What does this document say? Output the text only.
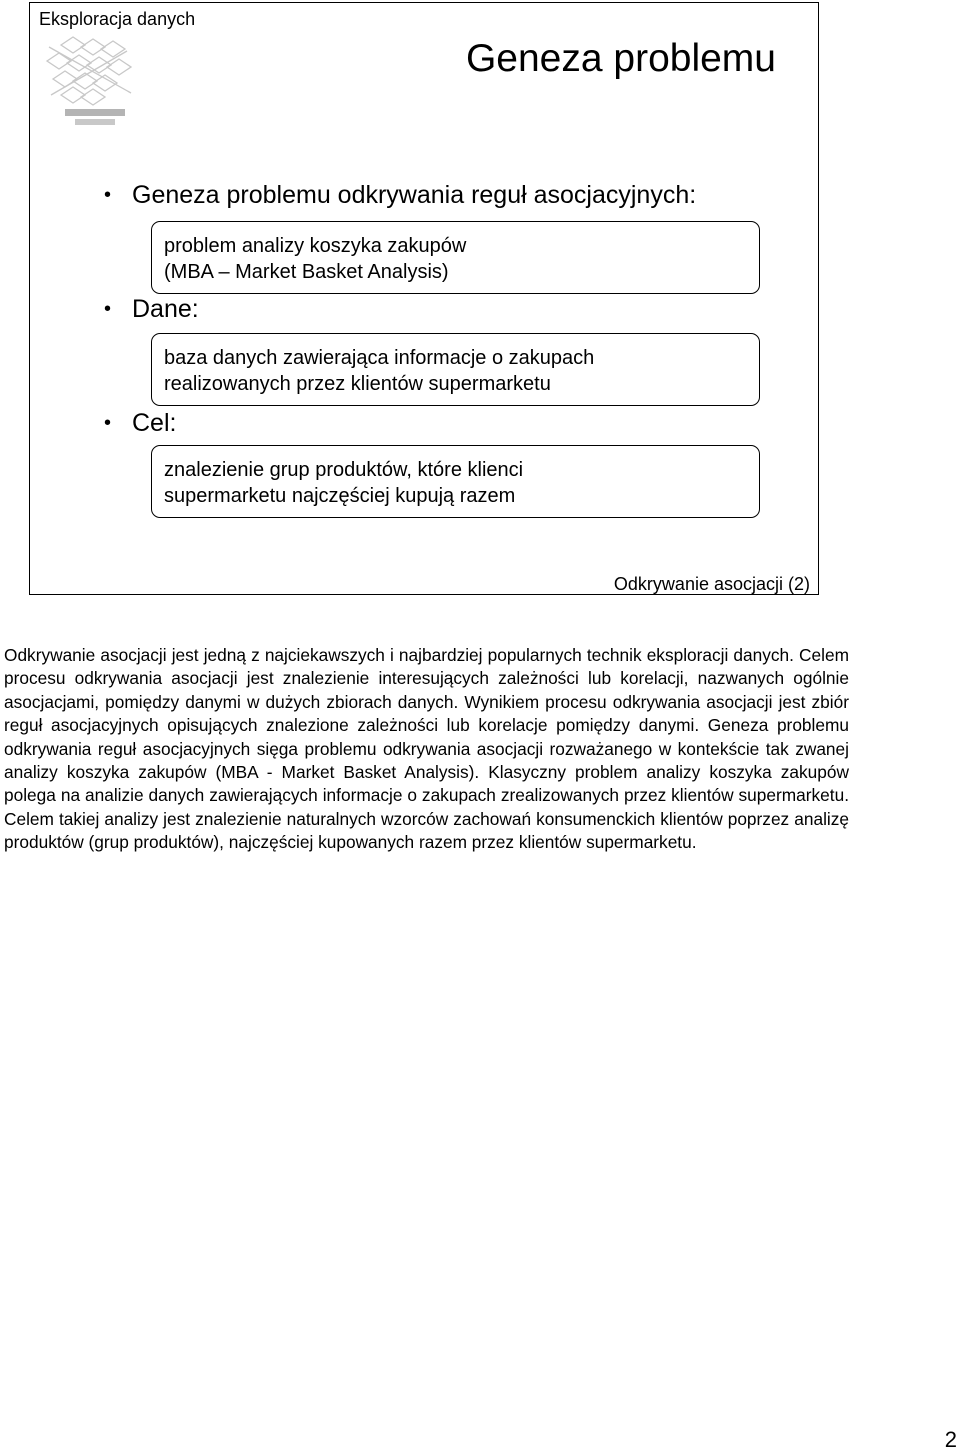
Eksploracja danych
Geneza problemu
• Geneza problemu odkrywania reguł asocjacyjnych:
problem analizy koszyka zakupów
(MBA – Market Basket Analysis)
• Dane:
baza danych zawierająca informacje o zakupach
realizowanych przez klientów supermarketu
• Cel:
znalezienie grup produktów, które klienci
supermarketu najczęściej kupują razem
Odkrywanie asocjacji (2)
Odkrywanie asocjacji jest jedną z najciekawszych i najbardziej popularnych technik eksploracji danych. Celem procesu odkrywania asocjacji jest znalezienie interesujących zależności lub korelacji, nazwanych ogólnie asocjacjami, pomiędzy danymi w dużych zbiorach danych. Wynikiem procesu odkrywania asocjacji jest zbiór reguł asocjacyjnych opisujących znalezione zależności lub korelacje pomiędzy danymi. Geneza problemu odkrywania reguł asocjacyjnych sięga problemu odkrywania asocjacji rozważanego w kontekście tak zwanej analizy koszyka zakupów (MBA - Market Basket Analysis). Klasyczny problem analizy koszyka zakupów polega na analizie danych zawierających informacje o zakupach zrealizowanych przez klientów supermarketu. Celem takiej analizy jest znalezienie naturalnych wzorców zachowań konsumenckich klientów poprzez analizę produktów (grup produktów), najczęściej kupowanych razem przez klientów supermarketu.
2
